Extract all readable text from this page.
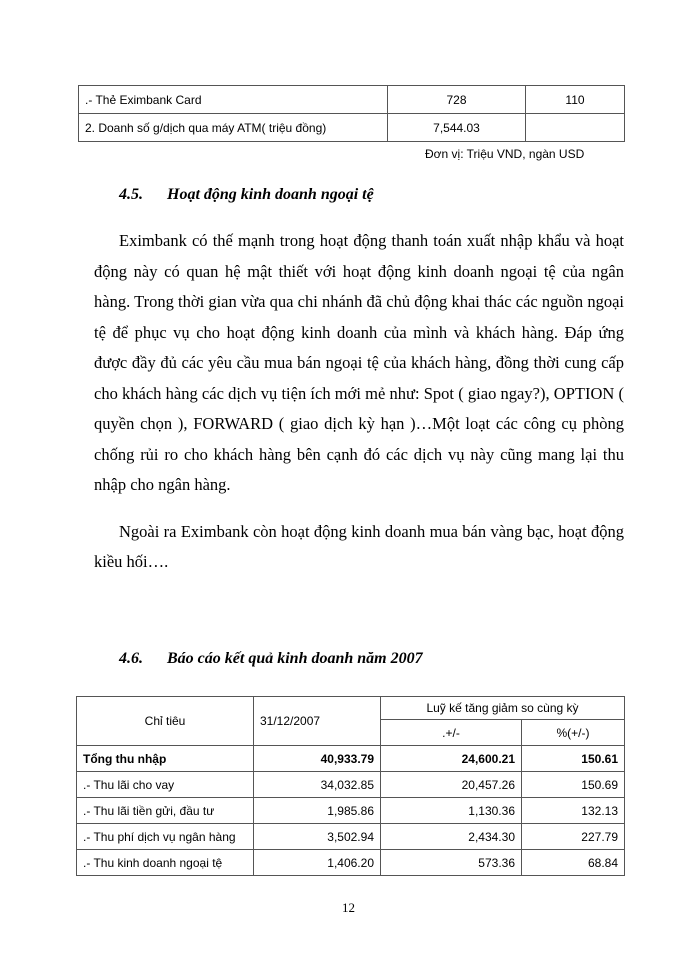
.- Thẻ Eximbank Card	728	110
2. Doanh số g/dịch qua máy ATM( triệu đồng)	7,544.03	
Đơn vị: Triệu VND, ngàn USD
4.5. Hoạt động kinh doanh ngoại tệ

Eximbank có thế mạnh trong hoạt động thanh toán xuất nhập khẩu và hoạt động này có quan hệ mật thiết với hoạt động kinh doanh ngoại tệ của ngân hàng. Trong thời gian vừa qua chi nhánh đã chủ động khai thác các nguồn ngoại tệ để phục vụ cho hoạt động kinh doanh của mình và khách hàng. Đáp ứng được đầy đủ các yêu cầu mua bán ngoại tệ của khách hàng, đồng thời cung cấp cho khách hàng các dịch vụ tiện ích mới mẻ như: Spot ( giao ngay?), OPTION ( quyền chọn ), FORWARD ( giao dịch kỳ hạn )…Một loạt các công cụ phòng chống rủi ro cho khách hàng bên cạnh đó các dịch vụ này cũng mang lại thu nhập cho ngân hàng.

Ngoài ra Eximbank còn hoạt động kinh doanh mua bán vàng bạc, hoạt động kiều hối….

4.6. Báo cáo kết quả kinh doanh năm 2007
Chỉ tiêu	31/12/2007	Luỹ kế tăng giảm so cùng kỳ	
		.+/-	%(+/-)
Tổng thu nhập	40,933.79	24,600.21	150.61
.- Thu lãi cho vay	34,032.85	20,457.26	150.69
.- Thu lãi tiền gửi, đầu tư	1,985.86	1,130.36	132.13
.- Thu phí dịch vụ ngân hàng	3,502.94	2,434.30	227.79
.- Thu kinh doanh ngoại tệ	1,406.20	573.36	68.84
12
